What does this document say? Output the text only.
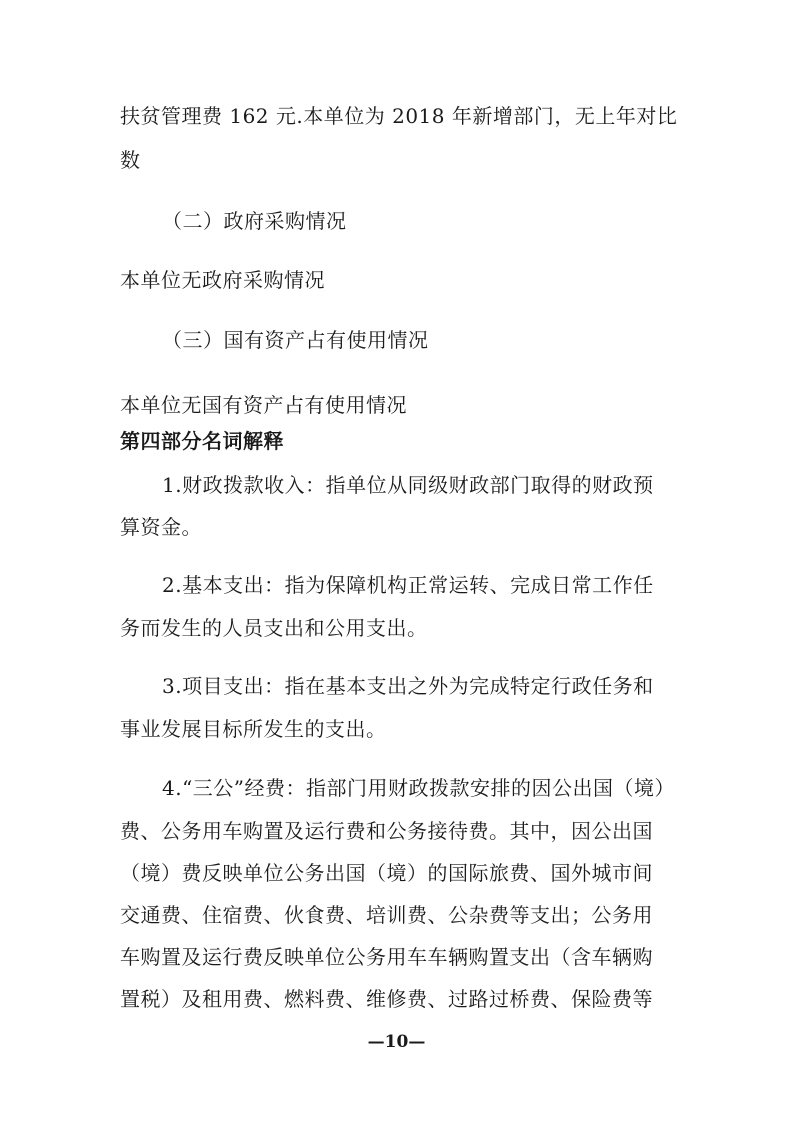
扶贫管理费 162 元.本单位为 2018 年新增部门，无上年对比
数
（二）政府采购情况
本单位无政府采购情况
（三）国有资产占有使用情况
本单位无国有资产占有使用情况
第四部分名词解释
1.财政拨款收入：指单位从同级财政部门取得的财政预
算资金。
2.基本支出：指为保障机构正常运转、完成日常工作任
务而发生的人员支出和公用支出。
3.项目支出：指在基本支出之外为完成特定行政任务和
事业发展目标所发生的支出。
4.“三公”经费：指部门用财政拨款安排的因公出国（境）
费、公务用车购置及运行费和公务接待费。其中，因公出国
（境）费反映单位公务出国（境）的国际旅费、国外城市间
交通费、住宿费、伙食费、培训费、公杂费等支出；公务用
车购置及运行费反映单位公务用车车辆购置支出（含车辆购
置税）及租用费、燃料费、维修费、过路过桥费、保险费等
—10—
